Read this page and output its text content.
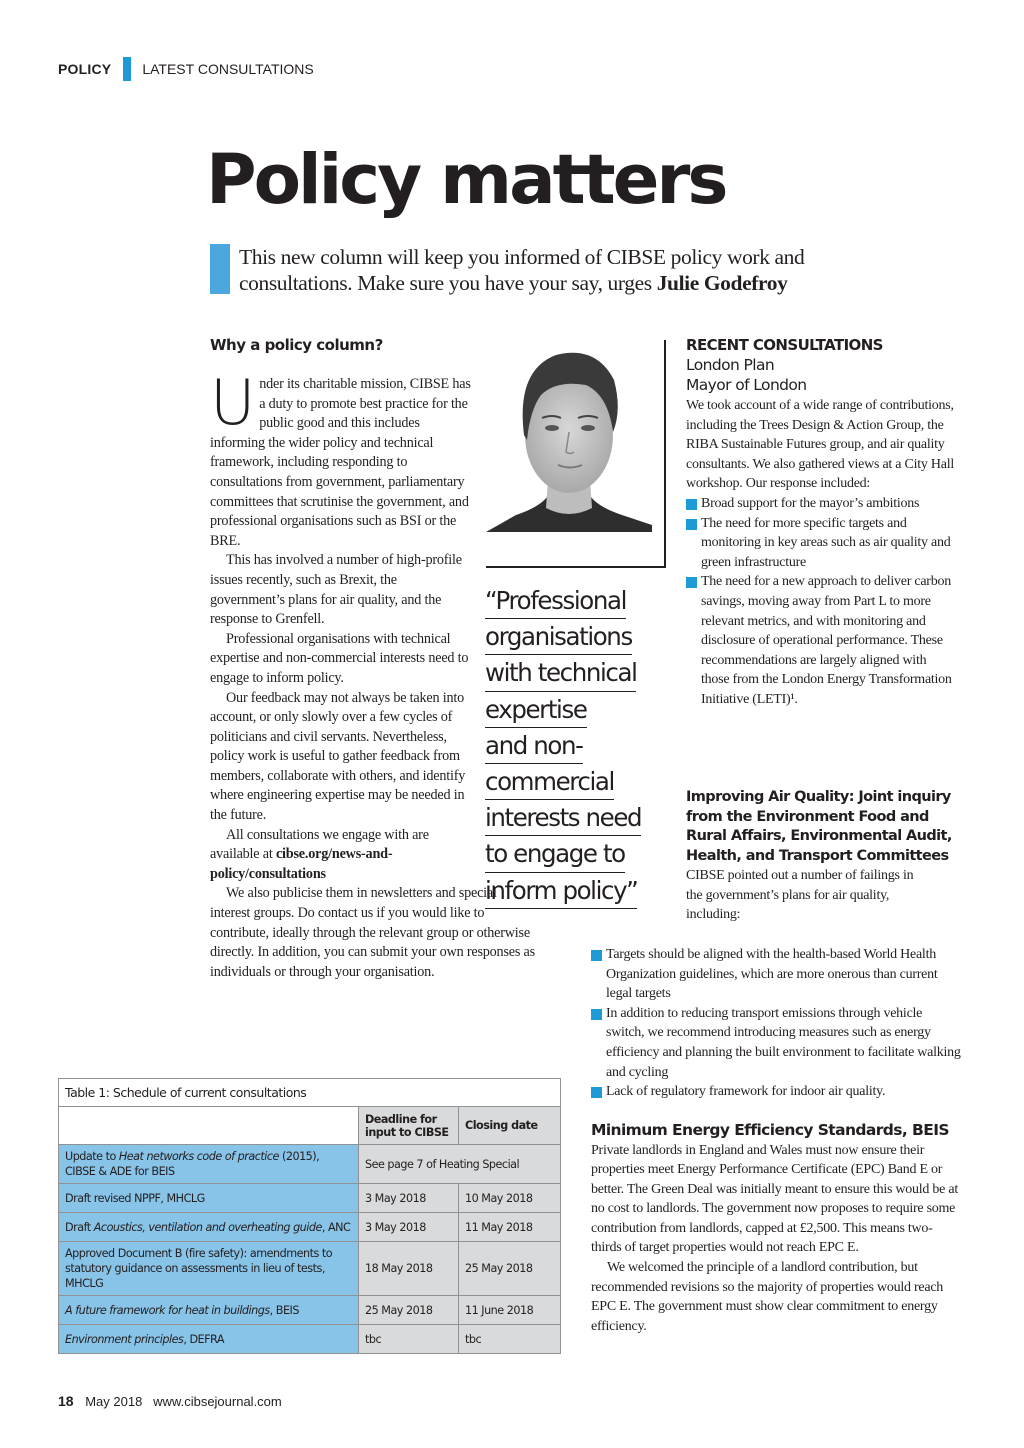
POLICY LATEST CONSULTATIONS
Policy matters

This new column will keep you informed of CIBSE policy work and consultations. Make sure you have your say, urges Julie Godefroy

Why a policy column?

Under its charitable mission, CIBSE has a duty to promote best practice for the public good and this includes informing the wider policy and technical framework, including responding to consultations from government, parliamentary committees that scrutinise the government, and professional organisations such as BSI or the BRE.

This has involved a number of high-profile issues recently, such as Brexit, the government’s plans for air quality, and the response to Grenfell.

Professional organisations with technical expertise and non-commercial interests need to engage to inform policy.

Our feedback may not always be taken into account, or only slowly over a few cycles of politicians and civil servants. Nevertheless, policy work is useful to gather feedback from members, collaborate with others, and identify where engineering expertise may be needed in the future.

All consultations we engage with are available at cibse.org/news-and-policy/consultations

We also publicise them in newsletters and special interest groups. Do contact us if you would like to contribute, ideally through the relevant group or otherwise directly. In addition, you can submit your own responses as individuals or through your organisation.

“Professional
organisations
with technical
expertise
and non-
commercial
interests need
to engage to
inform policy”
RECENT CONSULTATIONS
London Plan
Mayor of London

We took account of a wide range of contributions, including the Trees Design & Action Group, the RIBA Sustainable Futures group, and air quality consultants. We also gathered views at a City Hall workshop. Our response included:

Broad support for the mayor’s ambitions
The need for more specific targets and monitoring in key areas such as air quality and green infrastructure
The need for a new approach to deliver carbon savings, moving away from Part L to more relevant metrics, and with monitoring and disclosure of operational performance. These recommendations are largely aligned with those from the London Energy Transformation Initiative (LETI)¹.
Improving Air Quality: Joint inquiry from the Environment Food and Rural Affairs, Environmental Audit, Health, and Transport Committees

CIBSE pointed out a number of failings in the government’s plans for air quality, including:

Targets should be aligned with the health-based World Health Organization guidelines, which are more onerous than current legal targets
In addition to reducing transport emissions through vehicle switch, we recommend introducing measures such as energy efficiency and planning the built environment to facilitate walking and cycling
Lack of regulatory framework for indoor air quality.
Minimum Energy Efficiency Standards, BEIS

Private landlords in England and Wales must now ensure their properties meet Energy Performance Certificate (EPC) Band E or better. The Green Deal was initially meant to ensure this would be at no cost to landlords. The government now proposes to require some contribution from landlords, capped at £2,500. This means two-thirds of target properties would not reach EPC E.

We welcomed the principle of a landlord contribution, but recommended revisions so the majority of properties would reach EPC E. The government must show clear commitment to energy efficiency.

Table 1: Schedule of current consultations		
	Deadline for input to CIBSE	Closing date
Update to Heat networks code of practice (2015), CIBSE & ADE for BEIS	See page 7 of Heating Special	
Draft revised NPPF, MHCLG	3 May 2018	10 May 2018
Draft Acoustics, ventilation and overheating guide, ANC	3 May 2018	11 May 2018
Approved Document B (fire safety): amendments to statutory guidance on assessments in lieu of tests, MHCLG	18 May 2018	25 May 2018
A future framework for heat in buildings, BEIS	25 May 2018	11 June 2018
Environment principles, DEFRA	tbc	tbc
18 May 2018 www.cibsejournal.com
